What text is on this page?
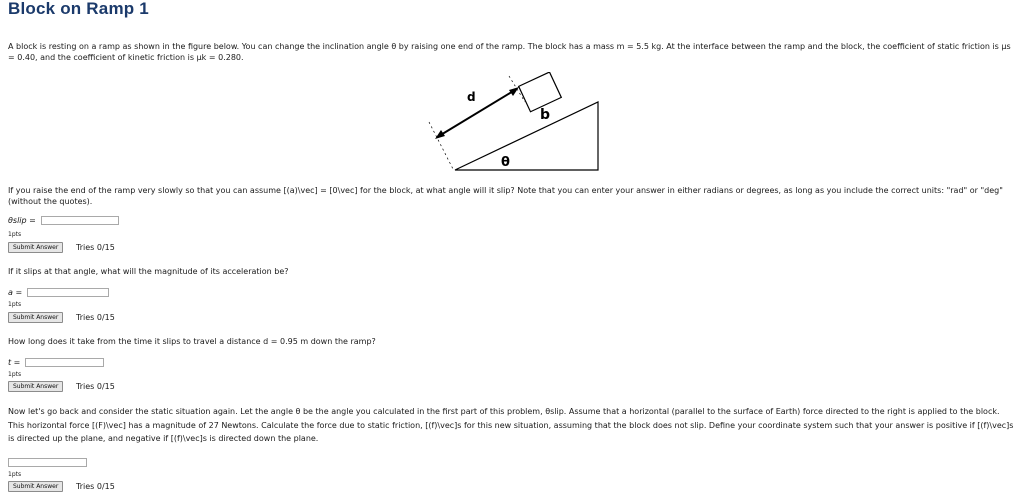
Block on Ramp 1
A block is resting on a ramp as shown in the figure below. You can change the inclination angle θ by raising one end of the ramp. The block has a mass m = 5.5 kg. At the interface between the ramp and the block, the coefficient of static friction is μs = 0.40, and the coefficient of kinetic friction is μk = 0.280.
d
b
θ
If you raise the end of the ramp very slowly so that you can assume [(a)\vec] = [0\vec] for the block, at what angle will it slip? Note that you can enter your answer in either radians or degrees, as long as you include the correct units: "rad" or "deg" (without the quotes).
θslip =
1pts
Submit Answer	Tries 0/15
If it slips at that angle, what will the magnitude of its acceleration be?
a =
1pts
Submit Answer	Tries 0/15
How long does it take from the time it slips to travel a distance d = 0.95 m down the ramp?
t =
1pts
Submit Answer	Tries 0/15
Now let's go back and consider the static situation again. Let the angle θ be the angle you calculated in the first part of this problem, θslip. Assume that a horizontal (parallel to the surface of Earth) force directed to the right is applied to the block. This horizontal force [(F)\vec] has a magnitude of 27 Newtons. Calculate the force due to static friction, [(f)\vec]s for this new situation, assuming that the block does not slip. Define your coordinate system such that your answer is positive if [(f)\vec]s is directed up the plane, and negative if [(f)\vec]s is directed down the plane.
1pts
Submit Answer	Tries 0/15
